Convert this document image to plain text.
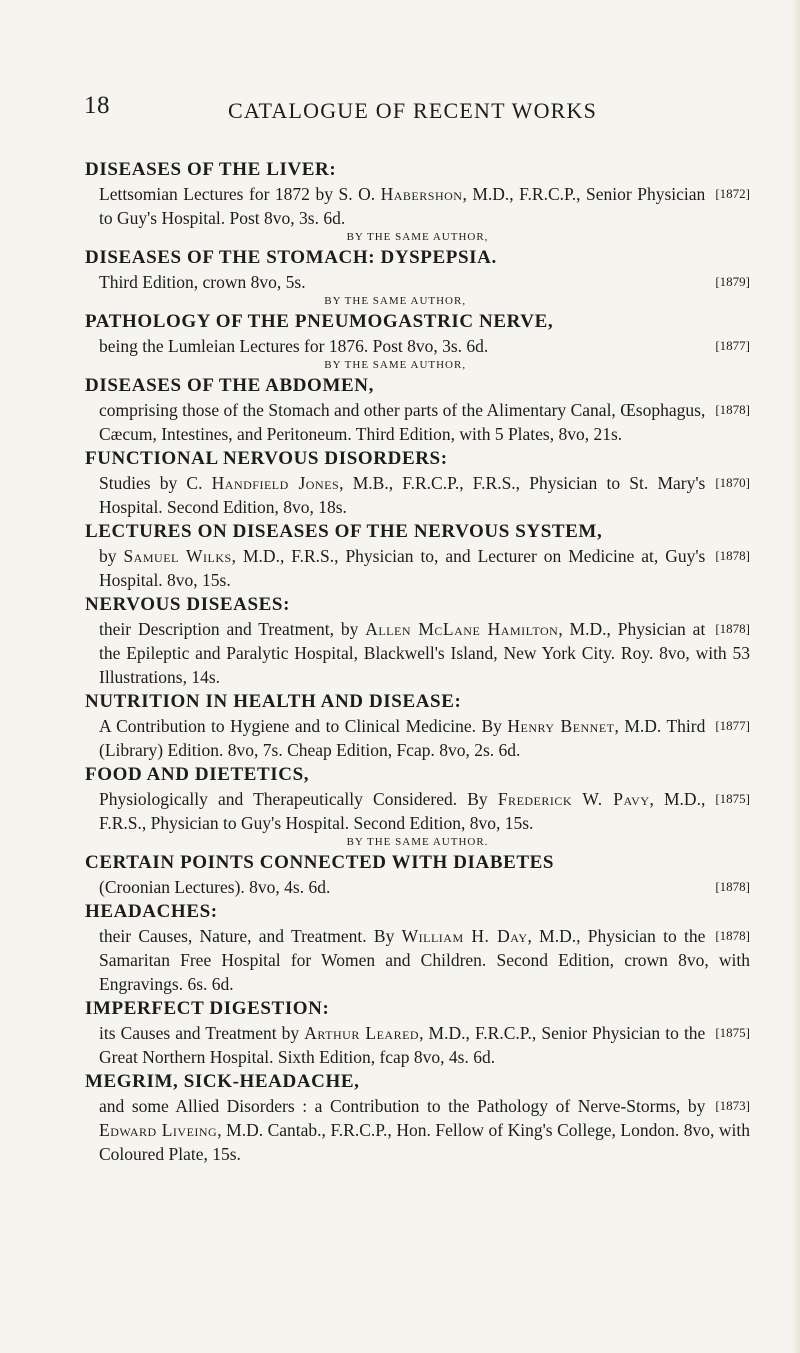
18	CATALOGUE OF RECENT WORKS
DISEASES OF THE LIVER:
[1872]
Lettsomian Lectures for 1872 by S. O. Habershon, M.D., F.R.C.P., Senior Physician to Guy's Hospital. Post 8vo, 3s. 6d.
BY THE SAME AUTHOR,
DISEASES OF THE STOMACH: DYSPEPSIA.
[1879]
Third Edition, crown 8vo, 5s.
BY THE SAME AUTHOR,
PATHOLOGY OF THE PNEUMOGASTRIC NERVE,
[1877]
being the Lumleian Lectures for 1876. Post 8vo, 3s. 6d.
BY THE SAME AUTHOR,
DISEASES OF THE ABDOMEN,
[1878]
comprising those of the Stomach and other parts of the Alimentary Canal, Œsophagus, Cæcum, Intestines, and Peritoneum. Third Edition, with 5 Plates, 8vo, 21s.
FUNCTIONAL NERVOUS DISORDERS:
[1870]
Studies by C. Handfield Jones, M.B., F.R.C.P., F.R.S., Physician to St. Mary's Hospital. Second Edition, 8vo, 18s.
LECTURES ON DISEASES OF THE NERVOUS SYSTEM,
[1878]
by Samuel Wilks, M.D., F.R.S., Physician to, and Lecturer on Medicine at, Guy's Hospital. 8vo, 15s.
NERVOUS DISEASES:
[1878]
their Description and Treatment, by Allen McLane Hamilton, M.D., Physician at the Epileptic and Paralytic Hospital, Blackwell's Island, New York City. Roy. 8vo, with 53 Illustrations, 14s.
NUTRITION IN HEALTH AND DISEASE:
[1877]
A Contribution to Hygiene and to Clinical Medicine. By Henry Bennet, M.D. Third (Library) Edition. 8vo, 7s. Cheap Edition, Fcap. 8vo, 2s. 6d.
FOOD AND DIETETICS,
[1875]
Physiologically and Therapeutically Considered. By Frederick W. Pavy, M.D., F.R.S., Physician to Guy's Hospital. Second Edition, 8vo, 15s.
BY THE SAME AUTHOR.
CERTAIN POINTS CONNECTED WITH DIABETES
[1878]
(Croonian Lectures). 8vo, 4s. 6d.
HEADACHES:
[1878]
their Causes, Nature, and Treatment. By William H. Day, M.D., Physician to the Samaritan Free Hospital for Women and Children. Second Edition, crown 8vo, with Engravings. 6s. 6d.
IMPERFECT DIGESTION:
[1875]
its Causes and Treatment by Arthur Leared, M.D., F.R.C.P., Senior Physician to the Great Northern Hospital. Sixth Edition, fcap 8vo, 4s. 6d.
MEGRIM, SICK-HEADACHE,
[1873]
and some Allied Disorders : a Contribution to the Pathology of Nerve-Storms, by Edward Liveing, M.D. Cantab., F.R.C.P., Hon. Fellow of King's College, London. 8vo, with Coloured Plate, 15s.
